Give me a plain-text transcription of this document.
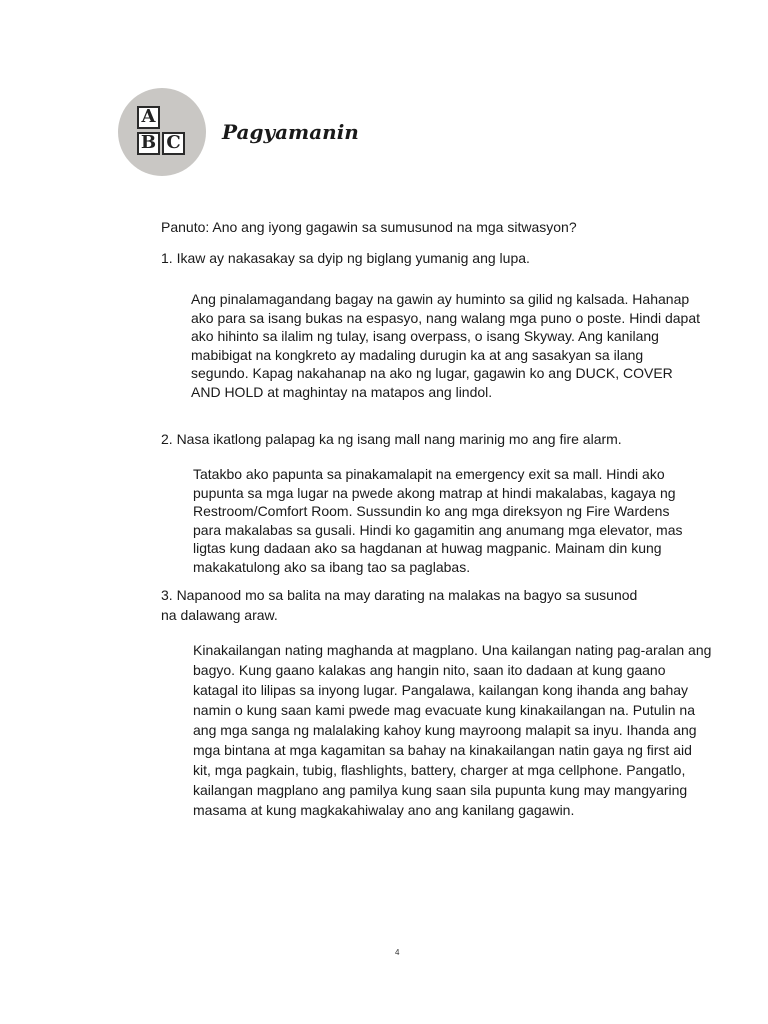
A
B C Pagyamanin

Panuto: Ano ang iyong gagawin sa sumusunod na mga sitwasyon?

1. Ikaw ay nakasakay sa dyip ng biglang yumanig ang lupa.

Ang pinalamagandang bagay na gawin ay huminto sa gilid ng kalsada. Hahanap ako para sa isang bukas na espasyo, nang walang mga puno o poste. Hindi dapat ako hihinto sa ilalim ng tulay, isang overpass, o isang Skyway. Ang kanilang mabibigat na kongkreto ay madaling durugin ka at ang sasakyan sa ilang segundo. Kapag nakahanap na ako ng lugar, gagawin ko ang DUCK, COVER AND HOLD at maghintay na matapos ang lindol.

2. Nasa ikatlong palapag ka ng isang mall nang marinig mo ang fire alarm.

Tatakbo ako papunta sa pinakamalapit na emergency exit sa mall. Hindi ako pupunta sa mga lugar na pwede akong matrap at hindi makalabas, kagaya ng Restroom/Comfort Room. Sussundin ko ang mga direksyon ng Fire Wardens para makalabas sa gusali. Hindi ko gagamitin ang anumang mga elevator, mas ligtas kung dadaan ako sa hagdanan at huwag magpanic. Mainam din kung makakatulong ako sa ibang tao sa paglabas.

3. Napanood mo sa balita na may darating na malakas na bagyo sa susunod na dalawang araw.

Kinakailangan nating maghanda at magplano. Una kailangan nating pag-aralan ang bagyo. Kung gaano kalakas ang hangin nito, saan ito dadaan at kung gaano katagal ito lilipas sa inyong lugar. Pangalawa, kailangan kong ihanda ang bahay namin o kung saan kami pwede mag evacuate kung kinakailangan na. Putulin na ang mga sanga ng malalaking kahoy kung mayroong malapit sa inyu. Ihanda ang mga bintana at mga kagamitan sa bahay na kinakailangan natin gaya ng first aid kit, mga pagkain, tubig, flashlights, battery, charger at mga cellphone. Pangatlo, kailangan magplano ang pamilya kung saan sila pupunta kung may mangyaring masama at kung magkakahiwalay ano ang kanilang gagawin.

4
